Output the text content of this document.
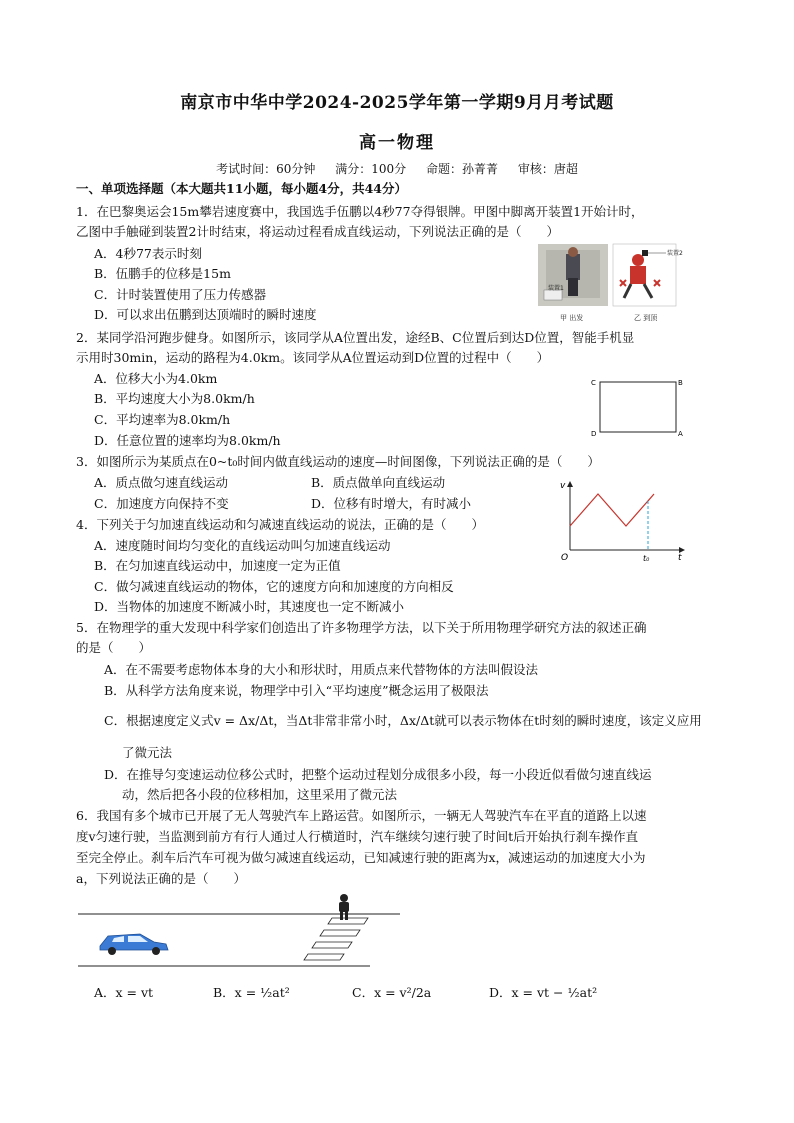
南京市中华中学2024-2025学年第一学期9月月考试题
高一物理
考试时间：60分钟 满分：100分 命题：孙菁菁 审核：唐超
一、单项选择题（本大题共11小题，每小题4分，共44分）
1．在巴黎奥运会15m攀岩速度赛中，我国选手伍鹏以4秒77夺得银牌。甲图中脚离开装置1开始计时，
乙图中手触碰到装置2计时结束，将运动过程看成直线运动，下列说法正确的是（　　）
A．4秒77表示时刻
B．伍鹏手的位移是15m
C．计时装置使用了压力传感器
D．可以求出伍鹏到达顶端时的瞬时速度
装置2
装置1
甲 出发	乙 到顶
2．某同学沿河跑步健身。如图所示，该同学从A位置出发，途经B、C位置后到达D位置，智能手机显
示用时30min，运动的路程为4.0km。该同学从A位置运动到D位置的过程中（　　）
A．位移大小为4.0km
B．平均速度大小为8.0km/h
C．平均速率为8.0km/h
D．任意位置的速率均为8.0km/h
C	B
D	A
3．如图所示为某质点在0~t₀时间内做直线运动的速度—时间图像，下列说法正确的是（　　）
A．质点做匀速直线运动	B．质点做单向直线运动
C．加速度方向保持不变	D．位移有时增大，有时减小
v
t
O	t₀
4．下列关于匀加速直线运动和匀减速直线运动的说法，正确的是（　　）
A．速度随时间均匀变化的直线运动叫匀加速直线运动
B．在匀加速直线运动中，加速度一定为正值
C．做匀减速直线运动的物体，它的速度方向和加速度的方向相反
D．当物体的加速度不断减小时，其速度也一定不断减小
5．在物理学的重大发现中科学家们创造出了许多物理学方法，以下关于所用物理学研究方法的叙述正确
的是（　　）
A．在不需要考虑物体本身的大小和形状时，用质点来代替物体的方法叫假设法
B．从科学方法角度来说，物理学中引入“平均速度”概念运用了极限法
C．根据速度定义式v = Δx/Δt，当Δt非常非常小时，Δx/Δt就可以表示物体在t时刻的瞬时速度，该定义应用
了微元法
D．在推导匀变速运动位移公式时，把整个运动过程划分成很多小段，每一小段近似看做匀速直线运
动，然后把各小段的位移相加，这里采用了微元法
6．我国有多个城市已开展了无人驾驶汽车上路运营。如图所示，一辆无人驾驶汽车在平直的道路上以速
度v匀速行驶，当监测到前方有行人通过人行横道时，汽车继续匀速行驶了时间t后开始执行刹车操作直
至完全停止。刹车后汽车可视为做匀减速直线运动，已知减速行驶的距离为x，减速运动的加速度大小为
a，下列说法正确的是（　　）
A．x = vt	B．x = ½at²	C．x = v²/2a	D．x = vt − ½at²
